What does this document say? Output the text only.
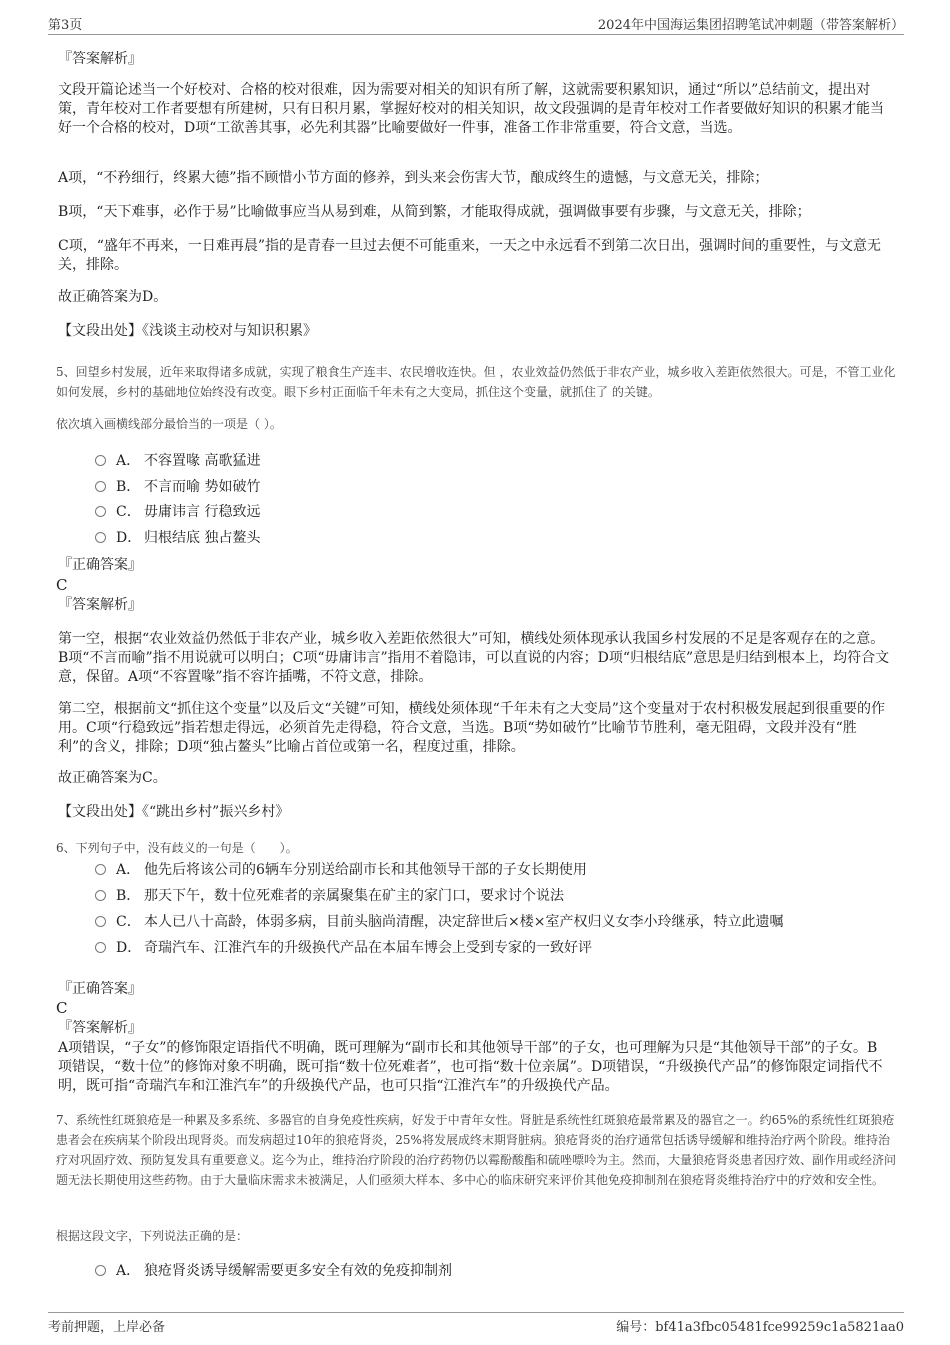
第3页	2024年中国海运集团招聘笔试冲刺题（带答案解析）
『答案解析』

文段开篇论述当一个好校对、合格的校对很难，因为需要对相关的知识有所了解，这就需要积累知识，通过“所以”总结前文，提出对策，青年校对工作者要想有所建树，只有日积月累，掌握好校对的相关知识，故文段强调的是青年校对工作者要做好知识的积累才能当好一个合格的校对，D项“工欲善其事，必先利其器”比喻要做好一件事，准备工作非常重要，符合文意，当选。

A项，“不矜细行，终累大德”指不顾惜小节方面的修养，到头来会伤害大节，酿成终生的遗憾，与文意无关，排除；

B项，“天下难事，必作于易”比喻做事应当从易到难，从简到繁，才能取得成就，强调做事要有步骤，与文意无关，排除；

C项，“盛年不再来，一日难再晨”指的是青春一旦过去便不可能重来，一天之中永远看不到第二次日出，强调时间的重要性，与文意无关，排除。

故正确答案为D。

【文段出处】《浅谈主动校对与知识积累》

5、回望乡村发展，近年来取得诸多成就，实现了粮食生产连丰、农民增收连快。但 ，农业效益仍然低于非农产业，城乡收入差距依然很大。可是，不管工业化如何发展，乡村的基础地位始终没有改变。眼下乡村正面临千年未有之大变局，抓住这个变量，就抓住了 的关键。

依次填入画横线部分最恰当的一项是（ ）。

A． 不容置喙 高歌猛进
B． 不言而喻 势如破竹
C． 毋庸讳言 行稳致远
D． 归根结底 独占鳌头
『正确答案』
C
『答案解析』

第一空，根据“农业效益仍然低于非农产业，城乡收入差距依然很大”可知，横线处须体现承认我国乡村发展的不足是客观存在的之意。B项“不言而喻”指不用说就可以明白；C项“毋庸讳言”指用不着隐讳，可以直说的内容；D项“归根结底”意思是归结到根本上，均符合文意，保留。A项“不容置喙”指不容许插嘴，不符文意，排除。

第二空，根据前文“抓住这个变量”以及后文“关键”可知，横线处须体现“千年未有之大变局”这个变量对于农村积极发展起到很重要的作用。C项“行稳致远”指若想走得远，必须首先走得稳，符合文意，当选。B项“势如破竹”比喻节节胜利，毫无阻碍，文段并没有“胜利”的含义，排除；D项“独占鳌头”比喻占首位或第一名，程度过重，排除。

故正确答案为C。

【文段出处】《“跳出乡村”振兴乡村》

6、下列句子中，没有歧义的一句是（　　）。

A． 他先后将该公司的6辆车分别送给副市长和其他领导干部的子女长期使用
B． 那天下午，数十位死难者的亲属聚集在矿主的家门口，要求讨个说法
C． 本人已八十高龄，体弱多病，目前头脑尚清醒，决定辞世后×楼×室产权归义女李小玲继承，特立此遗嘱
D． 奇瑞汽车、江淮汽车的升级换代产品在本届车博会上受到专家的一致好评
『正确答案』
C
『答案解析』

A项错误，“子女”的修饰限定语指代不明确，既可理解为“副市长和其他领导干部”的子女，也可理解为只是“其他领导干部”的子女。B项错误，“数十位”的修饰对象不明确，既可指“数十位死难者”，也可指“数十位亲属”。D项错误，“升级换代产品”的修饰限定词指代不明，既可指“奇瑞汽车和江淮汽车”的升级换代产品，也可只指“江淮汽车”的升级换代产品。

7、系统性红斑狼疮是一种累及多系统、多器官的自身免疫性疾病，好发于中青年女性。肾脏是系统性红斑狼疮最常累及的器官之一。约65%的系统性红斑狼疮患者会在疾病某个阶段出现肾炎。而发病超过10年的狼疮肾炎，25%将发展成终末期肾脏病。狼疮肾炎的治疗通常包括诱导缓解和维持治疗两个阶段。维持治疗对巩固疗效、预防复发具有重要意义。迄今为止，维持治疗阶段的治疗药物仍以霉酚酸酯和硫唑嘌呤为主。然而，大量狼疮肾炎患者因疗效、副作用或经济问题无法长期使用这些药物。由于大量临床需求未被满足，人们亟须大样本、多中心的临床研究来评价其他免疫抑制剂在狼疮肾炎维持治疗中的疗效和安全性。

根据这段文字，下列说法正确的是：

A． 狼疮肾炎诱导缓解需要更多安全有效的免疫抑制剂
考前押题，上岸必备	编号：bf41a3fbc05481fce99259c1a5821aa0
